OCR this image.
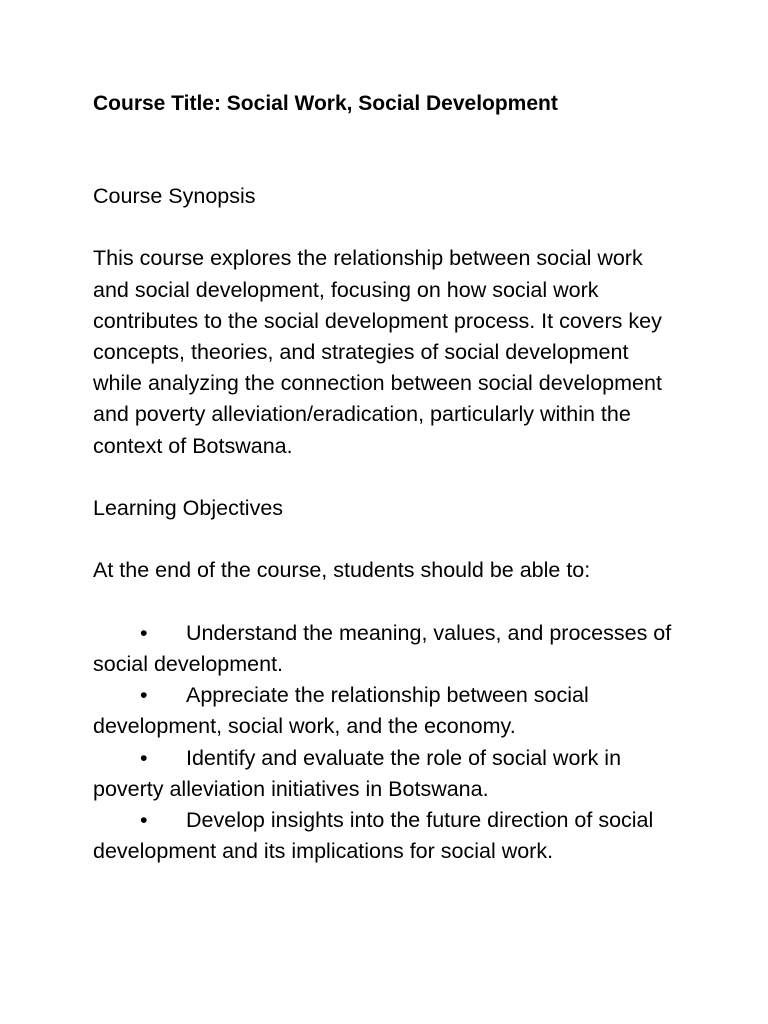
Course Title: Social Work, Social Development

Course Synopsis

This course explores the relationship between social work and social development, focusing on how social work contributes to the social development process. It covers key concepts, theories, and strategies of social development while analyzing the connection between social development and poverty alleviation/eradication, particularly within the context of Botswana.

Learning Objectives

At the end of the course, students should be able to:

• Understand the meaning, values, and processes of social development.
• Appreciate the relationship between social development, social work, and the economy.
• Identify and evaluate the role of social work in poverty alleviation initiatives in Botswana.
• Develop insights into the future direction of social development and its implications for social work.
